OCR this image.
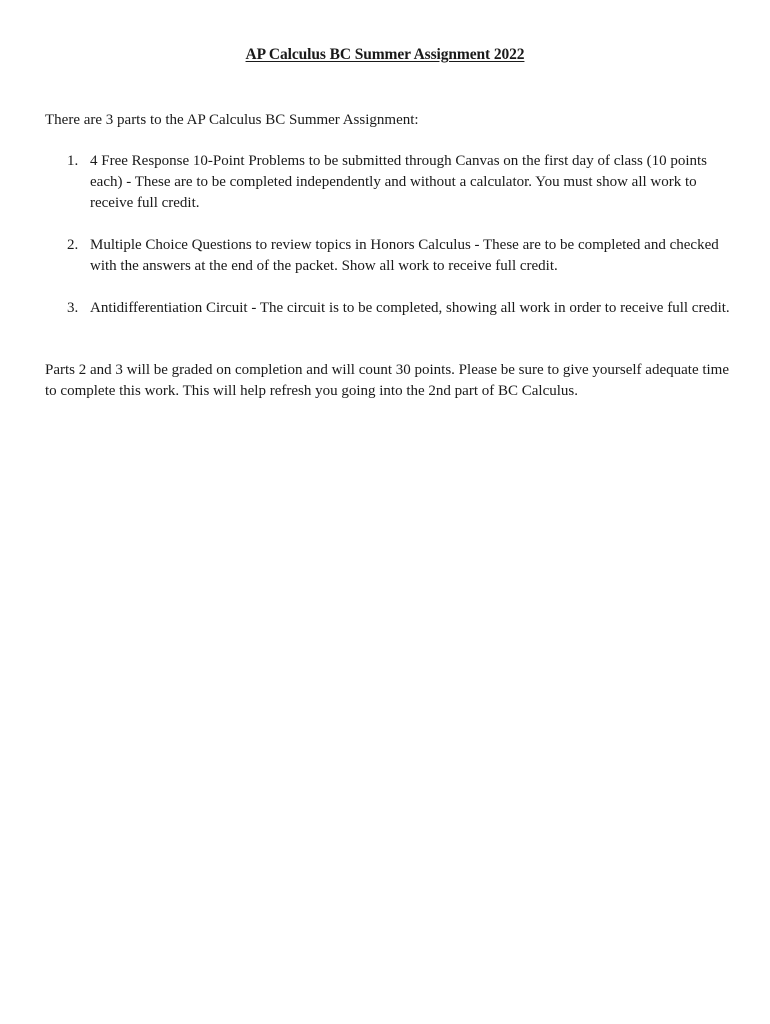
AP Calculus BC Summer Assignment 2022
There are 3 parts to the AP Calculus BC Summer Assignment:
1. 4 Free Response 10-Point Problems to be submitted through Canvas on the first day of class (10 points each) - These are to be completed independently and without a calculator. You must show all work to receive full credit.
2. Multiple Choice Questions to review topics in Honors Calculus - These are to be completed and checked with the answers at the end of the packet. Show all work to receive full credit.
3. Antidifferentiation Circuit - The circuit is to be completed, showing all work in order to receive full credit.
Parts 2 and 3 will be graded on completion and will count 30 points. Please be sure to give yourself adequate time to complete this work. This will help refresh you going into the 2nd part of BC Calculus.
